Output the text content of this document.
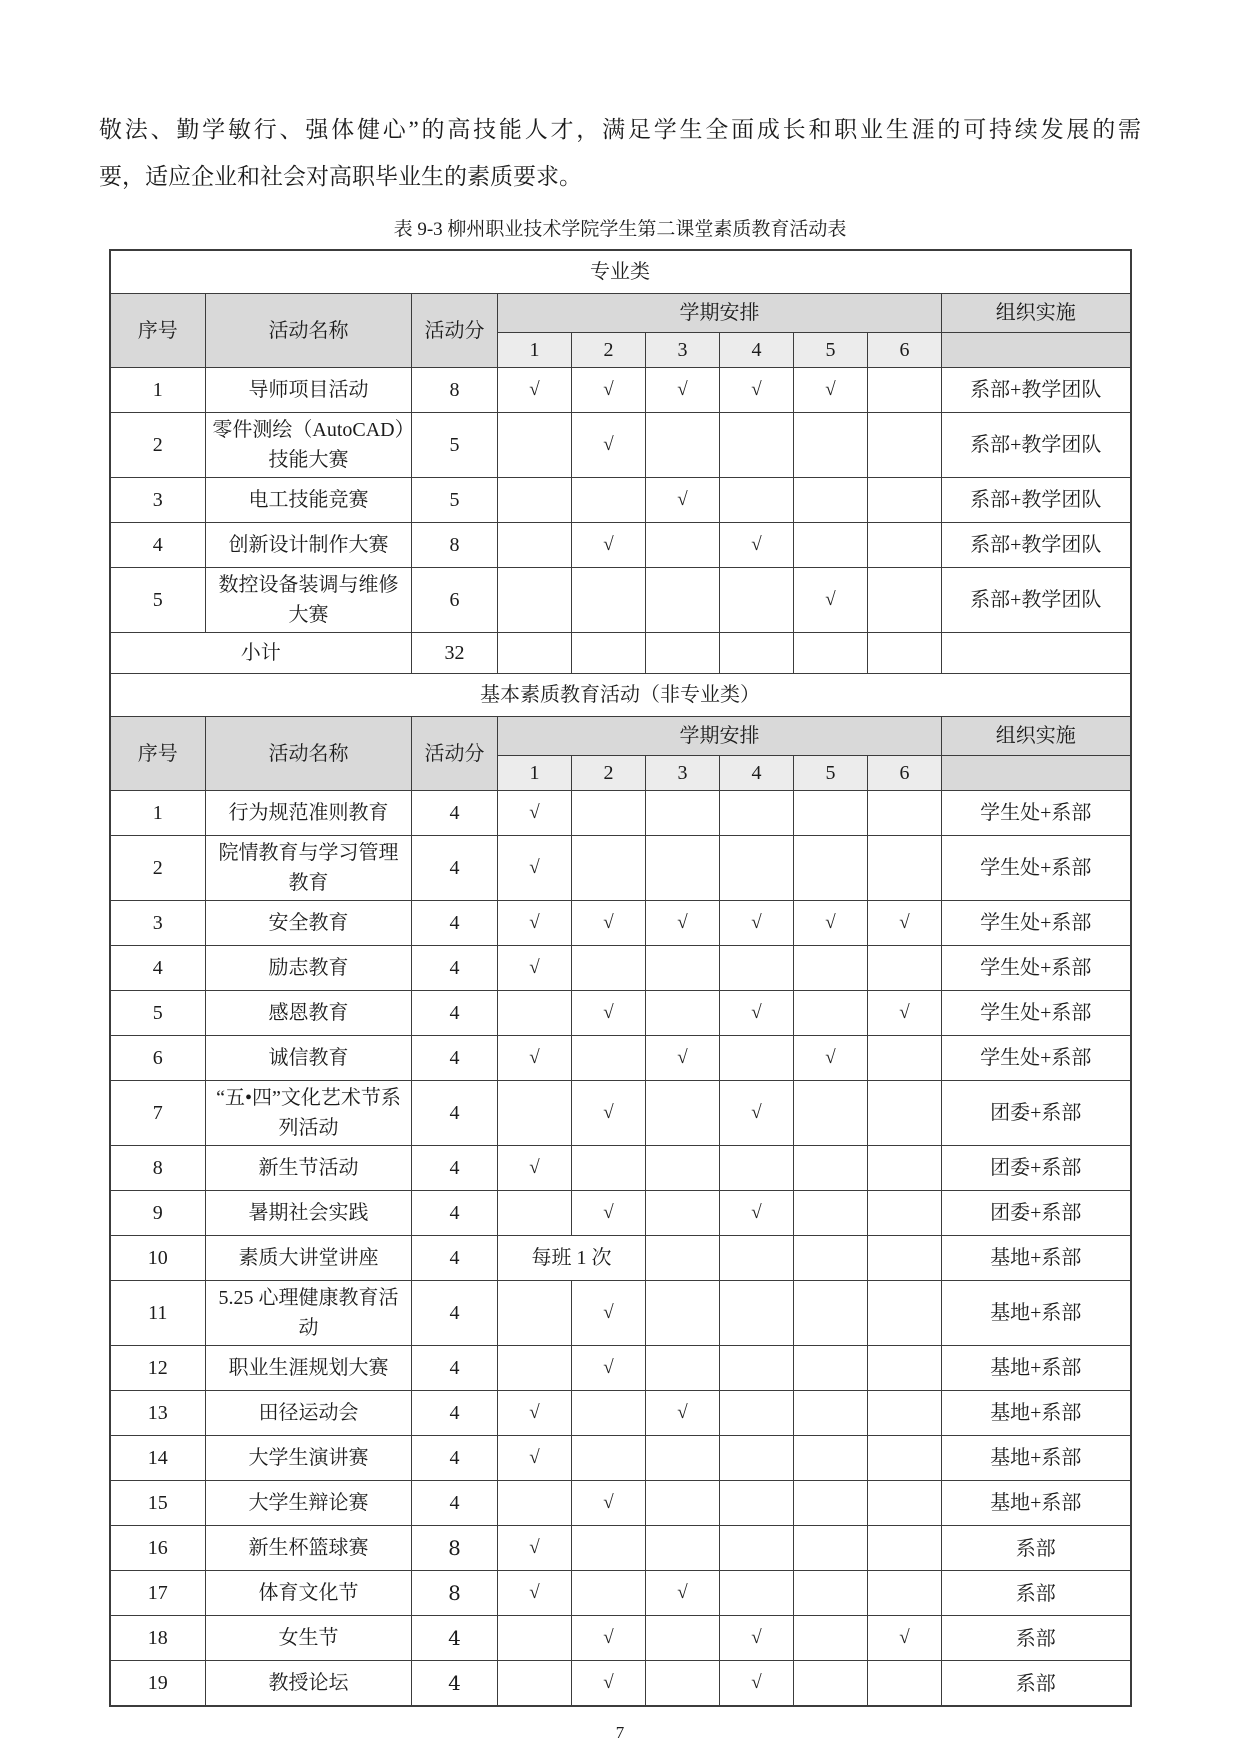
敬法、勤学敏行、强体健心”的高技能人才，满足学生全面成长和职业生涯的可持续发展的需
要，适应企业和社会对高职毕业生的素质要求。
表 9-3 柳州职业技术学院学生第二课堂素质教育活动表
专业类									
序号	活动名称	活动分	学期安排						组织实施
			1	2	3	4	5	6	
1	导师项目活动	8	√	√	√	√	√		系部+教学团队
2	零件测绘（AutoCAD）技能大赛	5		√					系部+教学团队
3	电工技能竞赛	5			√				系部+教学团队
4	创新设计制作大赛	8		√		√			系部+教学团队
5	数控设备装调与维修大赛	6					√		系部+教学团队
小计		32							
基本素质教育活动（非专业类）									
序号	活动名称	活动分	学期安排						组织实施
			1	2	3	4	5	6	
1	行为规范准则教育	4	√						学生处+系部
2	院情教育与学习管理教育	4	√						学生处+系部
3	安全教育	4	√	√	√	√	√	√	学生处+系部
4	励志教育	4	√						学生处+系部
5	感恩教育	4		√		√		√	学生处+系部
6	诚信教育	4	√		√		√		学生处+系部
7	“五•四”文化艺术节系列活动	4		√		√			团委+系部
8	新生节活动	4	√						团委+系部
9	暑期社会实践	4		√		√			团委+系部
10	素质大讲堂讲座	4	每班 1 次						基地+系部
11	5.25 心理健康教育活动	4		√					基地+系部
12	职业生涯规划大赛	4		√					基地+系部
13	田径运动会	4	√		√				基地+系部
14	大学生演讲赛	4	√						基地+系部
15	大学生辩论赛	4		√					基地+系部
16	新生杯篮球赛	8	√						系部
17	体育文化节	8	√		√				系部
18	女生节	4		√		√		√	系部
19	教授论坛	4		√		√			系部
7
